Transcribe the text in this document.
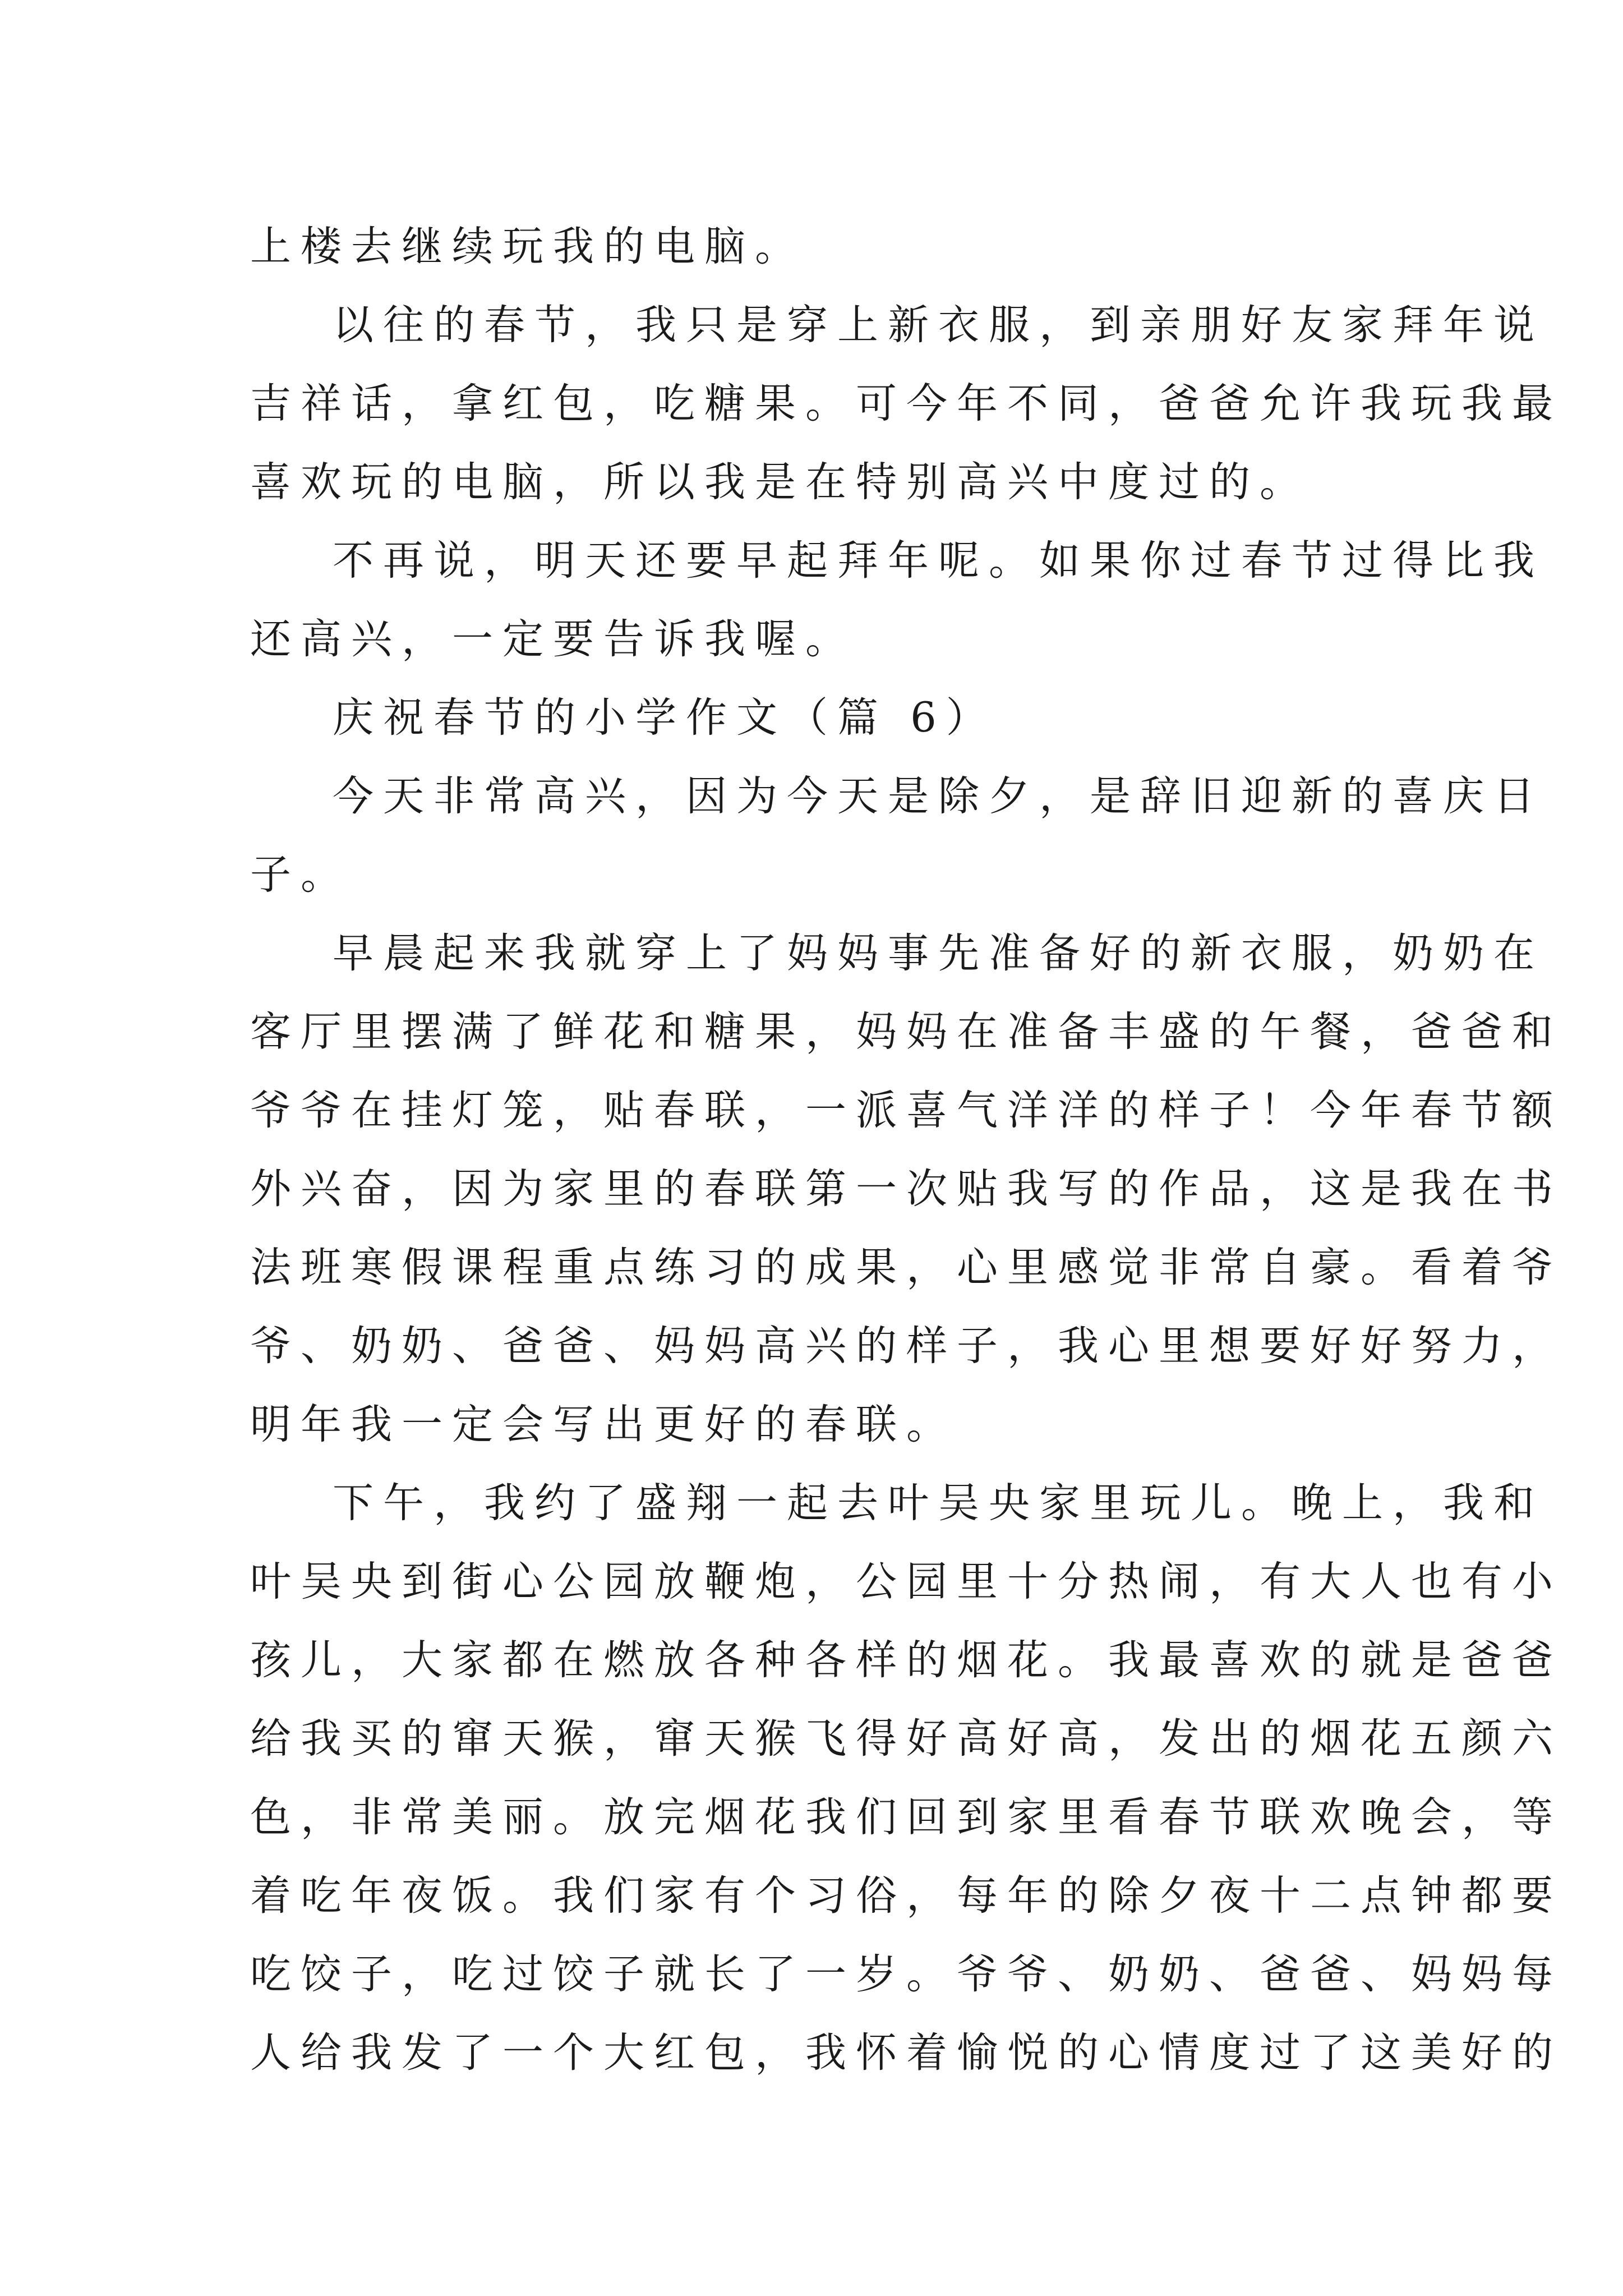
上楼去继续玩我的电脑。
以往的春节，我只是穿上新衣服，到亲朋好友家拜年说
吉祥话，拿红包，吃糖果。可今年不同，爸爸允许我玩我最
喜欢玩的电脑，所以我是在特别高兴中度过的。
不再说，明天还要早起拜年呢。如果你过春节过得比我
还高兴，一定要告诉我喔。
庆祝春节的小学作文（篇 6）
今天非常高兴，因为今天是除夕，是辞旧迎新的喜庆日
子。
早晨起来我就穿上了妈妈事先准备好的新衣服，奶奶在
客厅里摆满了鲜花和糖果，妈妈在准备丰盛的午餐，爸爸和
爷爷在挂灯笼，贴春联，一派喜气洋洋的样子！今年春节额
外兴奋，因为家里的春联第一次贴我写的作品，这是我在书
法班寒假课程重点练习的成果，心里感觉非常自豪。看着爷
爷、奶奶、爸爸、妈妈高兴的样子，我心里想要好好努力，
明年我一定会写出更好的春联。
下午，我约了盛翔一起去叶吴央家里玩儿。晚上，我和
叶吴央到街心公园放鞭炮，公园里十分热闹，有大人也有小
孩儿，大家都在燃放各种各样的烟花。我最喜欢的就是爸爸
给我买的窜天猴，窜天猴飞得好高好高，发出的烟花五颜六
色，非常美丽。放完烟花我们回到家里看春节联欢晚会，等
着吃年夜饭。我们家有个习俗，每年的除夕夜十二点钟都要
吃饺子，吃过饺子就长了一岁。爷爷、奶奶、爸爸、妈妈每
人给我发了一个大红包，我怀着愉悦的心情度过了这美好的
